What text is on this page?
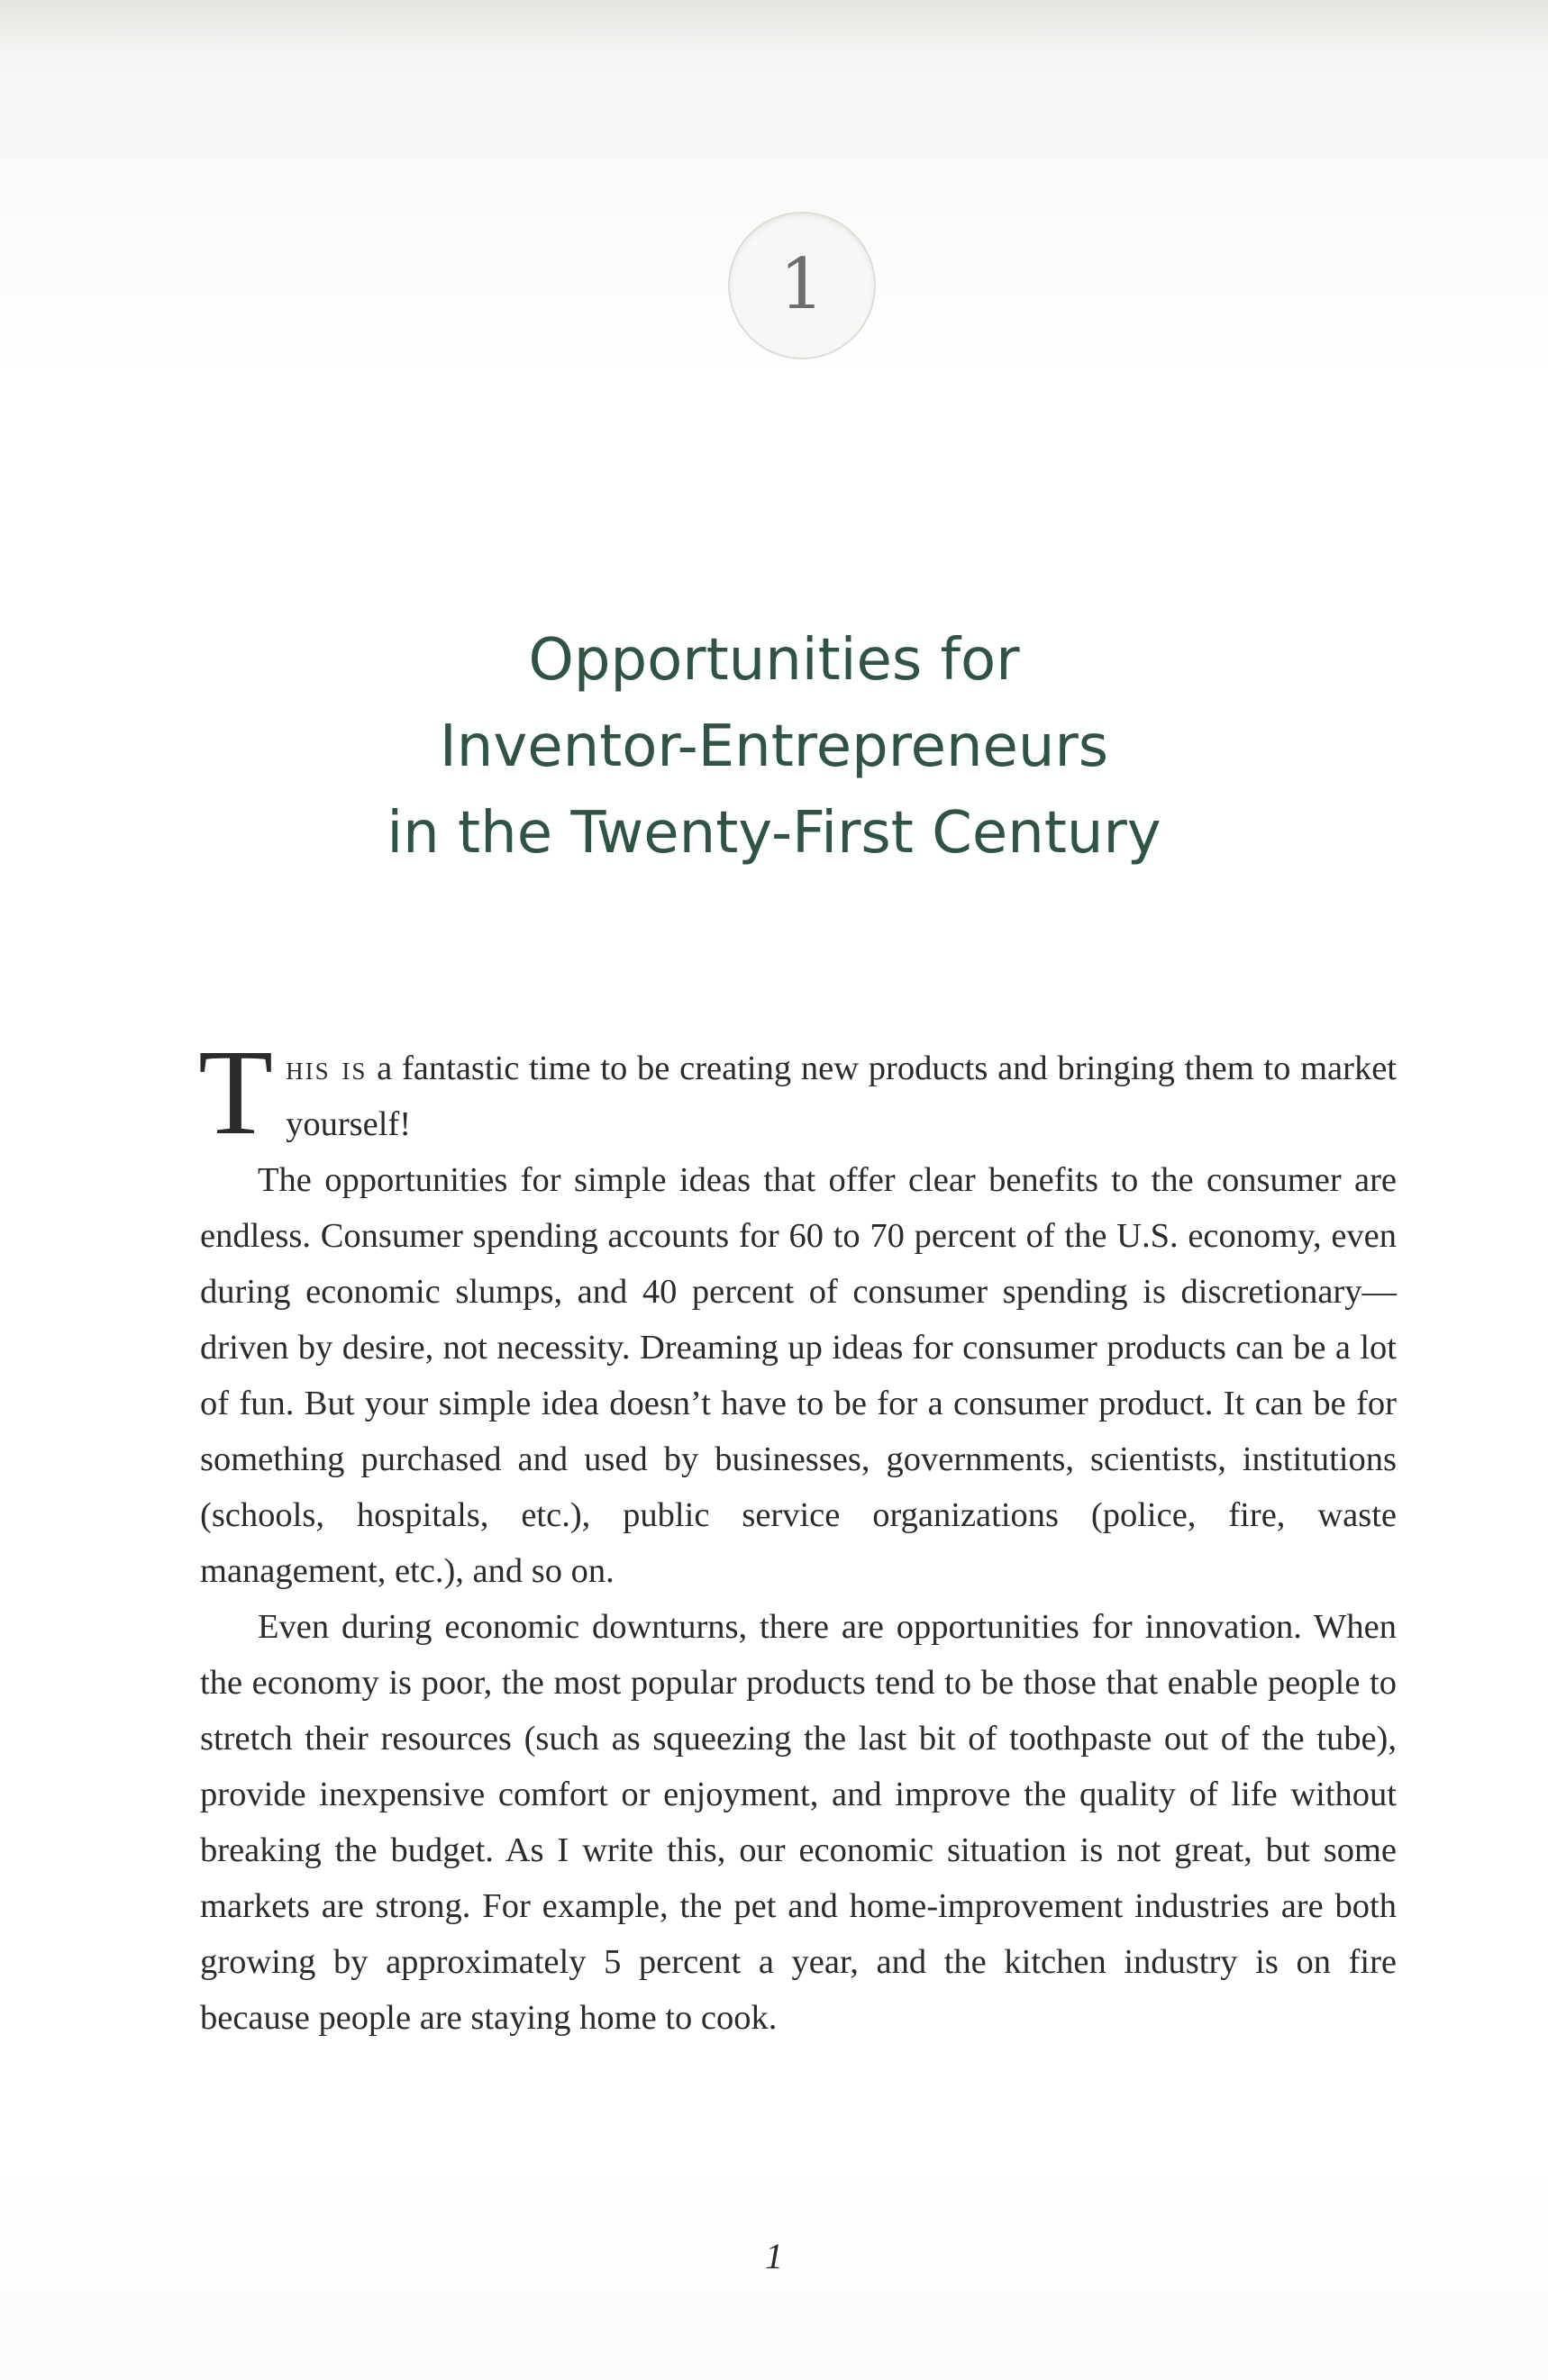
1
Opportunities for
Inventor-Entrepreneurs
in the Twenty-First Century

This is a fantastic time to be creating new products and bringing them to market yourself!

The opportunities for simple ideas that offer clear benefits to the consumer are endless. Consumer spending accounts for 60 to 70 percent of the U.S. economy, even during economic slumps, and 40 percent of consumer spending is discretionary—driven by desire, not necessity. Dreaming up ideas for consumer products can be a lot of fun. But your simple idea doesn’t have to be for a consumer product. It can be for something purchased and used by businesses, governments, scientists, institutions (schools, hospitals, etc.), public service organizations (police, fire, waste management, etc.), and so on.

Even during economic downturns, there are opportunities for innovation. When the economy is poor, the most popular products tend to be those that enable people to stretch their resources (such as squeezing the last bit of toothpaste out of the tube), provide inexpensive comfort or enjoyment, and improve the quality of life without breaking the budget. As I write this, our economic situation is not great, but some markets are strong. For example, the pet and home-improvement industries are both growing by approximately 5 percent a year, and the kitchen industry is on fire because people are staying home to cook.

1
